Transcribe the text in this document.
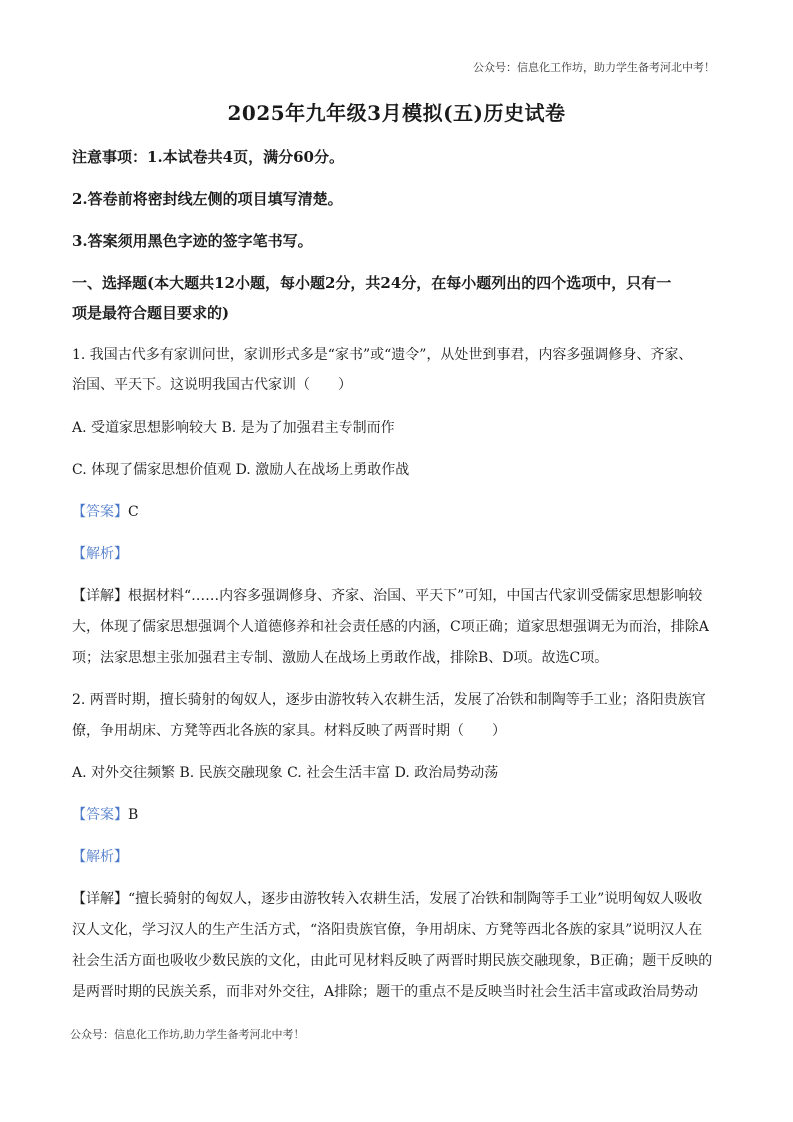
公众号：信息化工作坊，助力学生备考河北中考！
2025年九年级3月模拟(五)历史试卷
注意事项：1.本试卷共4页，满分60分。
2.答卷前将密封线左侧的项目填写清楚。
3.答案须用黑色字迹的签字笔书写。
一、选择题(本大题共12小题，每小题2分，共24分，在每小题列出的四个选项中，只有一
项是最符合题目要求的)
1. 我国古代多有家训问世，家训形式多是“家书”或“遗令”，从处世到事君，内容多强调修身、齐家、
治国、平天下。这说明我国古代家训（　　）
A. 受道家思想影响较大 B. 是为了加强君主专制而作
C. 体现了儒家思想价值观 D. 激励人在战场上勇敢作战
【答案】C
【解析】
【详解】根据材料“……内容多强调修身、齐家、治国、平天下”可知，中国古代家训受儒家思想影响较
大，体现了儒家思想强调个人道德修养和社会责任感的内涵，C项正确；道家思想强调无为而治，排除A
项；法家思想主张加强君主专制、激励人在战场上勇敢作战，排除B、D项。故选C项。
2. 两晋时期，擅长骑射的匈奴人，逐步由游牧转入农耕生活，发展了冶铁和制陶等手工业；洛阳贵族官
僚，争用胡床、方凳等西北各族的家具。材料反映了两晋时期（　　）
A. 对外交往频繁 B. 民族交融现象 C. 社会生活丰富 D. 政治局势动荡
【答案】B
【解析】
【详解】“擅长骑射的匈奴人，逐步由游牧转入农耕生活，发展了冶铁和制陶等手工业”说明匈奴人吸收
汉人文化，学习汉人的生产生活方式，“洛阳贵族官僚，争用胡床、方凳等西北各族的家具”说明汉人在
社会生活方面也吸收少数民族的文化，由此可见材料反映了两晋时期民族交融现象，B正确；题干反映的
是两晋时期的民族关系，而非对外交往，A排除；题干的重点不是反映当时社会生活丰富或政治局势动
公众号：信息化工作坊,助力学生备考河北中考！
